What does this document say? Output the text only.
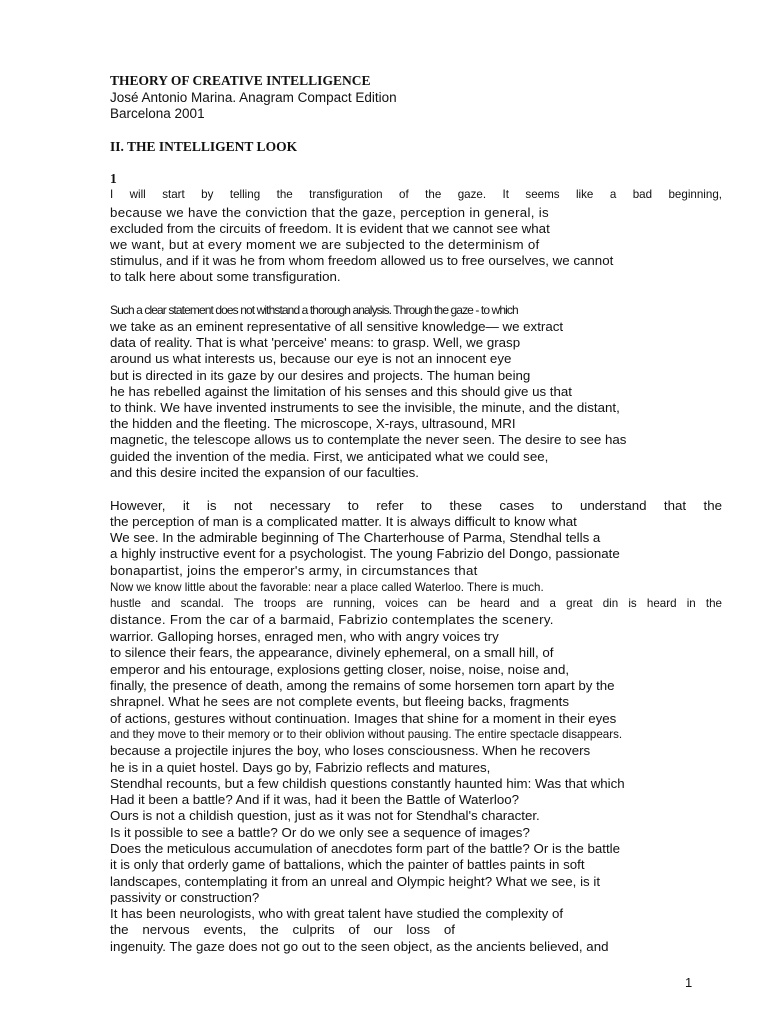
THEORY OF CREATIVE INTELLIGENCE
José Antonio Marina. Anagram Compact Edition
Barcelona 2001
II. THE INTELLIGENT LOOK
1
I will start by telling the transfiguration of the gaze. It seems like a bad beginning,
because we have the conviction that the gaze, perception in general, is
excluded from the circuits of freedom. It is evident that we cannot see what
we want, but at every moment we are subjected to the determinism of
stimulus, and if it was he from whom freedom allowed us to free ourselves, we cannot
to talk here about some transfiguration.
Such a clear statement does not withstand a thorough analysis. Through the gaze - to which
we take as an eminent representative of all sensitive knowledge— we extract
data of reality. That is what 'perceive' means: to grasp. Well, we grasp
around us what interests us, because our eye is not an innocent eye
but is directed in its gaze by our desires and projects. The human being
he has rebelled against the limitation of his senses and this should give us that
to think. We have invented instruments to see the invisible, the minute, and the distant,
the hidden and the fleeting. The microscope, X-rays, ultrasound, MRI
magnetic, the telescope allows us to contemplate the never seen. The desire to see has
guided the invention of the media. First, we anticipated what we could see,
and this desire incited the expansion of our faculties.
However, it is not necessary to refer to these cases to understand that the
the perception of man is a complicated matter. It is always difficult to know what
We see. In the admirable beginning of The Charterhouse of Parma, Stendhal tells a
a highly instructive event for a psychologist. The young Fabrizio del Dongo, passionate
bonapartist, joins the emperor's army, in circumstances that
Now we know little about the favorable: near a place called Waterloo. There is much.
hustle and scandal. The troops are running, voices can be heard and a great din is heard in the
distance. From the car of a barmaid, Fabrizio contemplates the scenery.
warrior. Galloping horses, enraged men, who with angry voices try
to silence their fears, the appearance, divinely ephemeral, on a small hill, of
emperor and his entourage, explosions getting closer, noise, noise, noise and,
finally, the presence of death, among the remains of some horsemen torn apart by the
shrapnel. What he sees are not complete events, but fleeing backs, fragments
of actions, gestures without continuation. Images that shine for a moment in their eyes
and they move to their memory or to their oblivion without pausing. The entire spectacle disappears.
because a projectile injures the boy, who loses consciousness. When he recovers
he is in a quiet hostel. Days go by, Fabrizio reflects and matures,
Stendhal recounts, but a few childish questions constantly haunted him: Was that which
Had it been a battle? And if it was, had it been the Battle of Waterloo?
Ours is not a childish question, just as it was not for Stendhal's character.
Is it possible to see a battle? Or do we only see a sequence of images?
Does the meticulous accumulation of anecdotes form part of the battle? Or is the battle
it is only that orderly game of battalions, which the painter of battles paints in soft
landscapes, contemplating it from an unreal and Olympic height? What we see, is it
passivity or construction?
It has been neurologists, who with great talent have studied the complexity of
the nervous events, the culprits of our loss of
ingenuity. The gaze does not go out to the seen object, as the ancients believed, and
1
